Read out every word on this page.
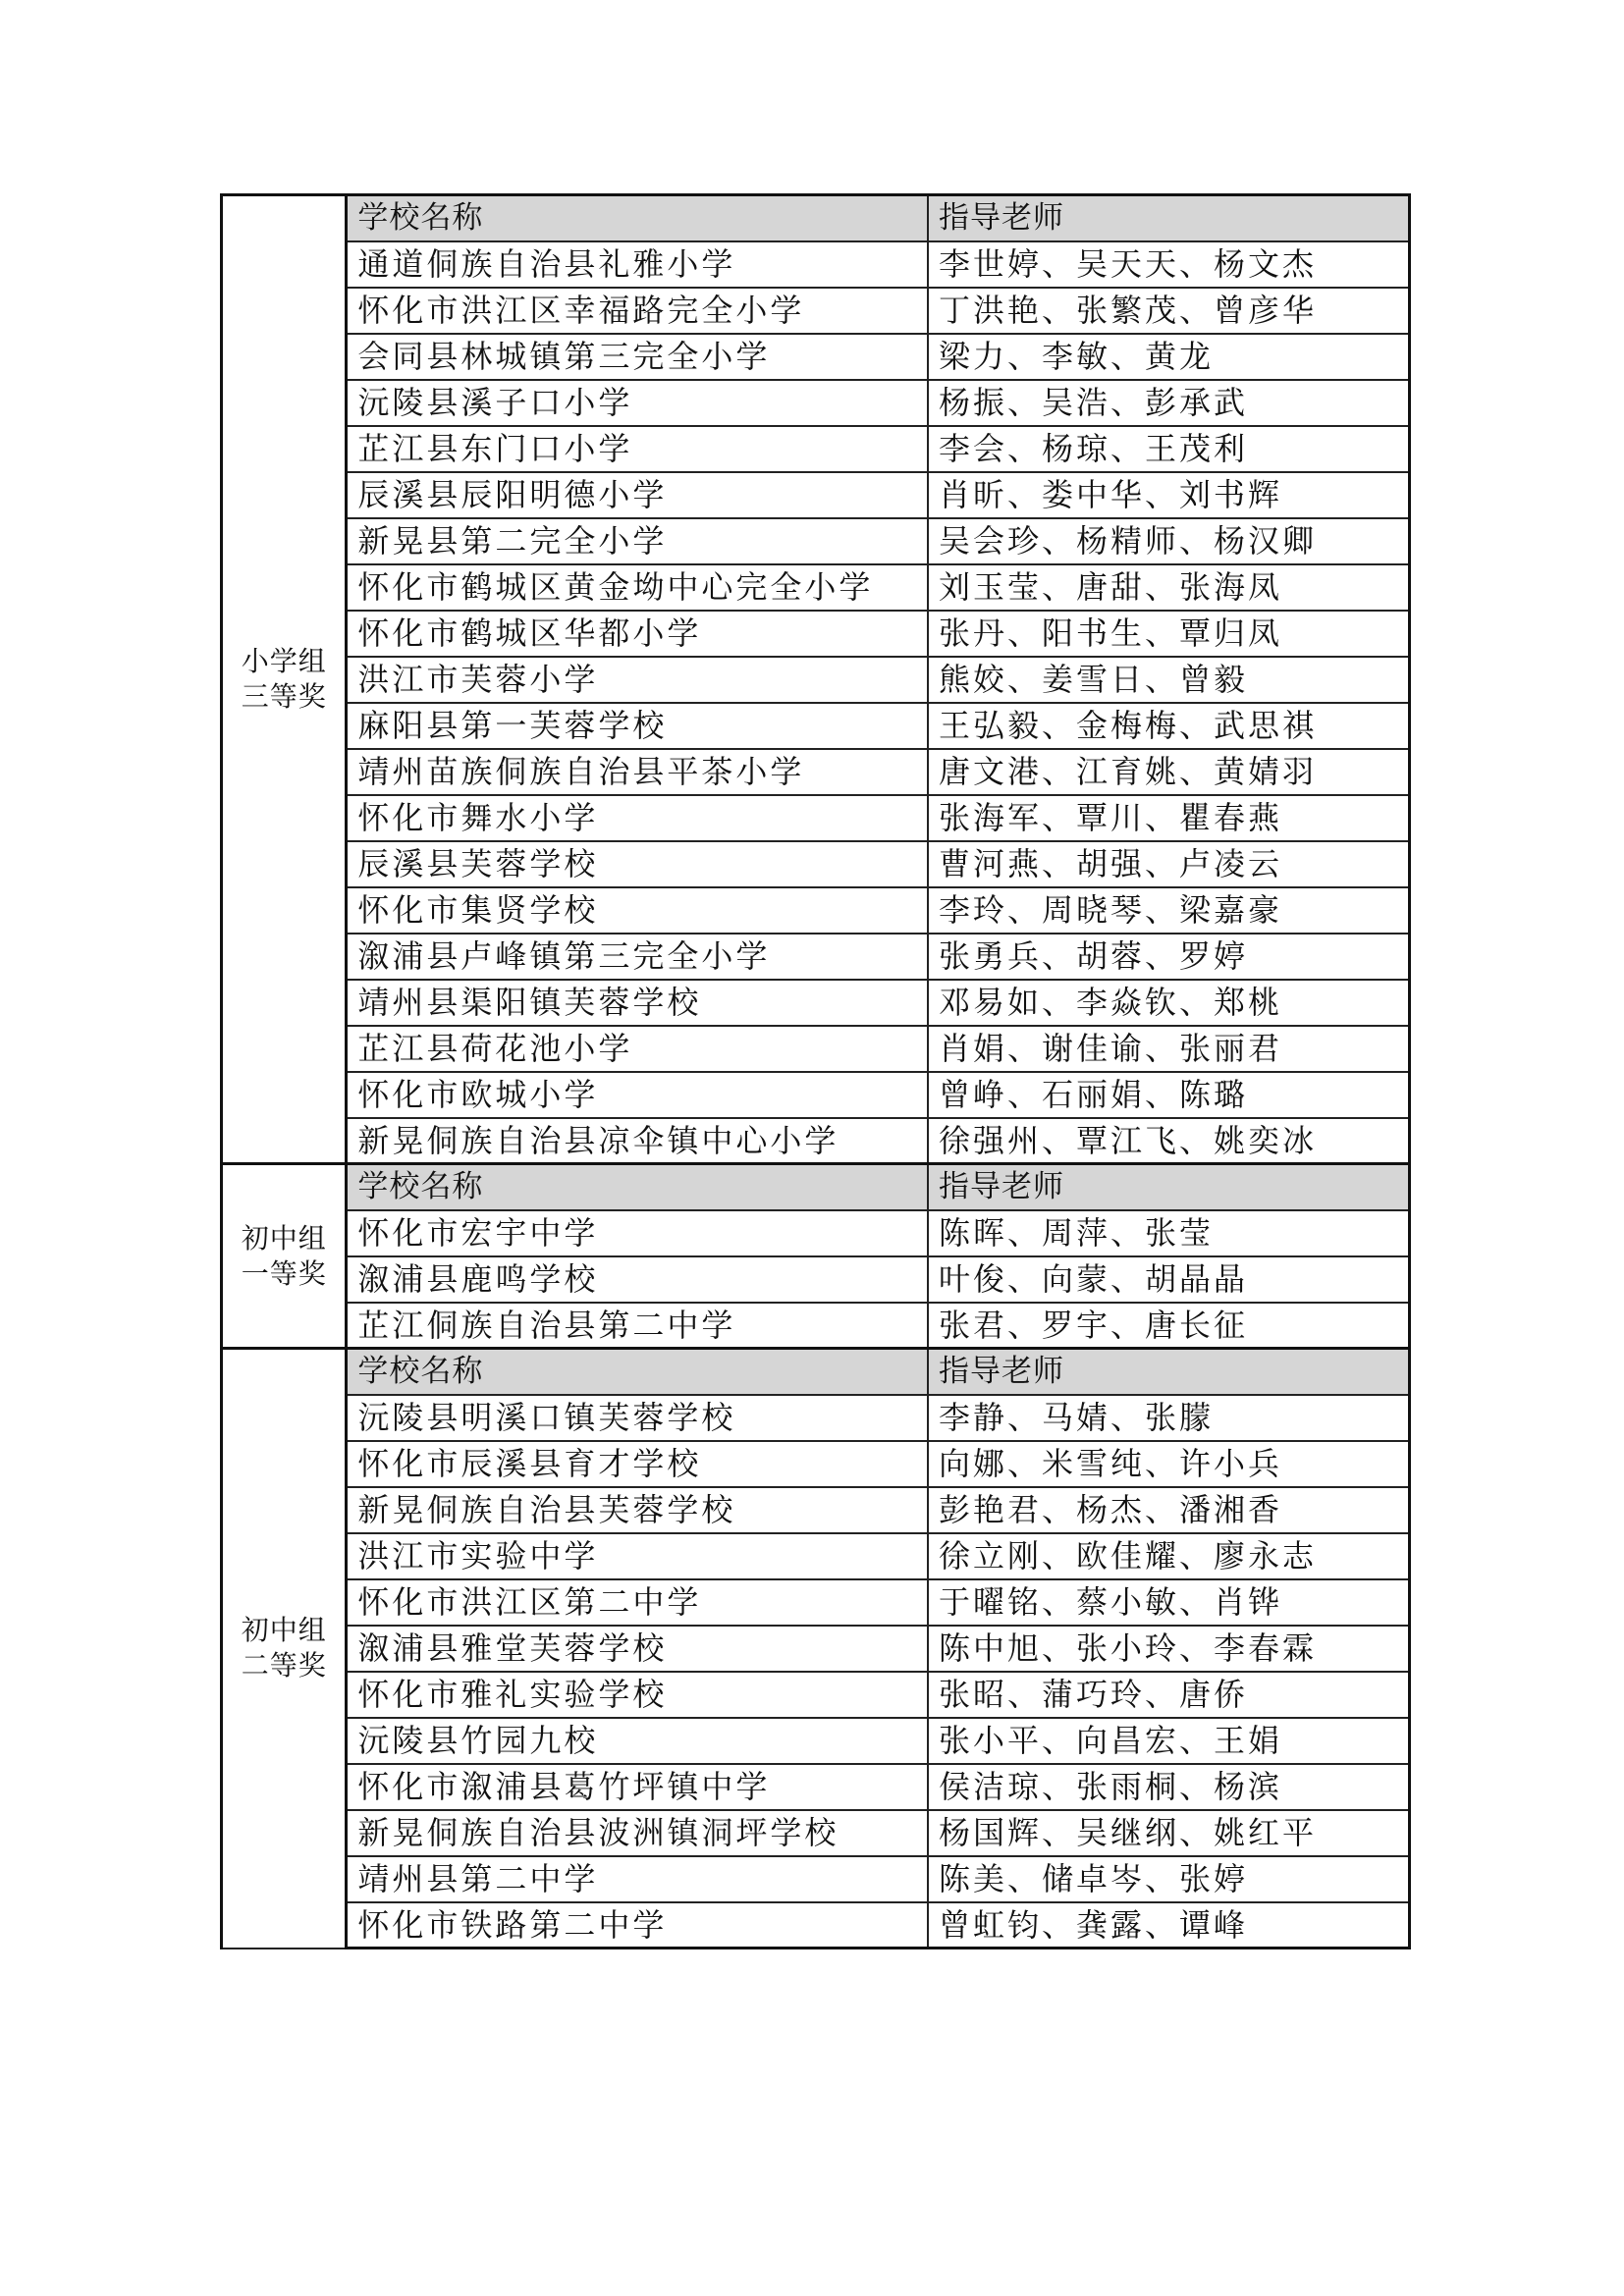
小学组
三等奖	学校名称	指导老师
	通道侗族自治县礼雅小学	李世婷、吴天天、杨文杰
	怀化市洪江区幸福路完全小学	丁洪艳、张繁茂、曾彦华
	会同县林城镇第三完全小学	梁力、李敏、黄龙
	沅陵县溪子口小学	杨振、吴浩、彭承武
	芷江县东门口小学	李会、杨琼、王茂利
	辰溪县辰阳明德小学	肖昕、娄中华、刘书辉
	新晃县第二完全小学	吴会珍、杨精师、杨汉卿
	怀化市鹤城区黄金坳中心完全小学	刘玉莹、唐甜、张海凤
	怀化市鹤城区华都小学	张丹、阳书生、覃归凤
	洪江市芙蓉小学	熊姣、姜雪日、曾毅
	麻阳县第一芙蓉学校	王弘毅、金梅梅、武思祺
	靖州苗族侗族自治县平茶小学	唐文港、江育姚、黄婧羽
	怀化市舞水小学	张海军、覃川、瞿春燕
	辰溪县芙蓉学校	曹河燕、胡强、卢凌云
	怀化市集贤学校	李玲、周晓琴、梁嘉豪
	溆浦县卢峰镇第三完全小学	张勇兵、胡蓉、罗婷
	靖州县渠阳镇芙蓉学校	邓易如、李焱钦、郑桃
	芷江县荷花池小学	肖娟、谢佳谕、张丽君
	怀化市欧城小学	曾峥、石丽娟、陈璐
	新晃侗族自治县凉伞镇中心小学	徐强州、覃江飞、姚奕冰

初中组
一等奖	学校名称	指导老师
	怀化市宏宇中学	陈晖、周萍、张莹
	溆浦县鹿鸣学校	叶俊、向蒙、胡晶晶
	芷江侗族自治县第二中学	张君、罗宇、唐长征

初中组
二等奖	学校名称	指导老师
	沅陵县明溪口镇芙蓉学校	李静、马婧、张朦
	怀化市辰溪县育才学校	向娜、米雪纯、许小兵
	新晃侗族自治县芙蓉学校	彭艳君、杨杰、潘湘香
	洪江市实验中学	徐立刚、欧佳耀、廖永志
	怀化市洪江区第二中学	于曜铭、蔡小敏、肖铧
	溆浦县雅堂芙蓉学校	陈中旭、张小玲、李春霖
	怀化市雅礼实验学校	张昭、蒲巧玲、唐侨
	沅陵县竹园九校	张小平、向昌宏、王娟
	怀化市溆浦县葛竹坪镇中学	侯洁琼、张雨桐、杨滨
	新晃侗族自治县波洲镇洞坪学校	杨国辉、吴继纲、姚红平
	靖州县第二中学	陈美、储卓岑、张婷
	怀化市铁路第二中学	曾虹钧、龚露、谭峰
